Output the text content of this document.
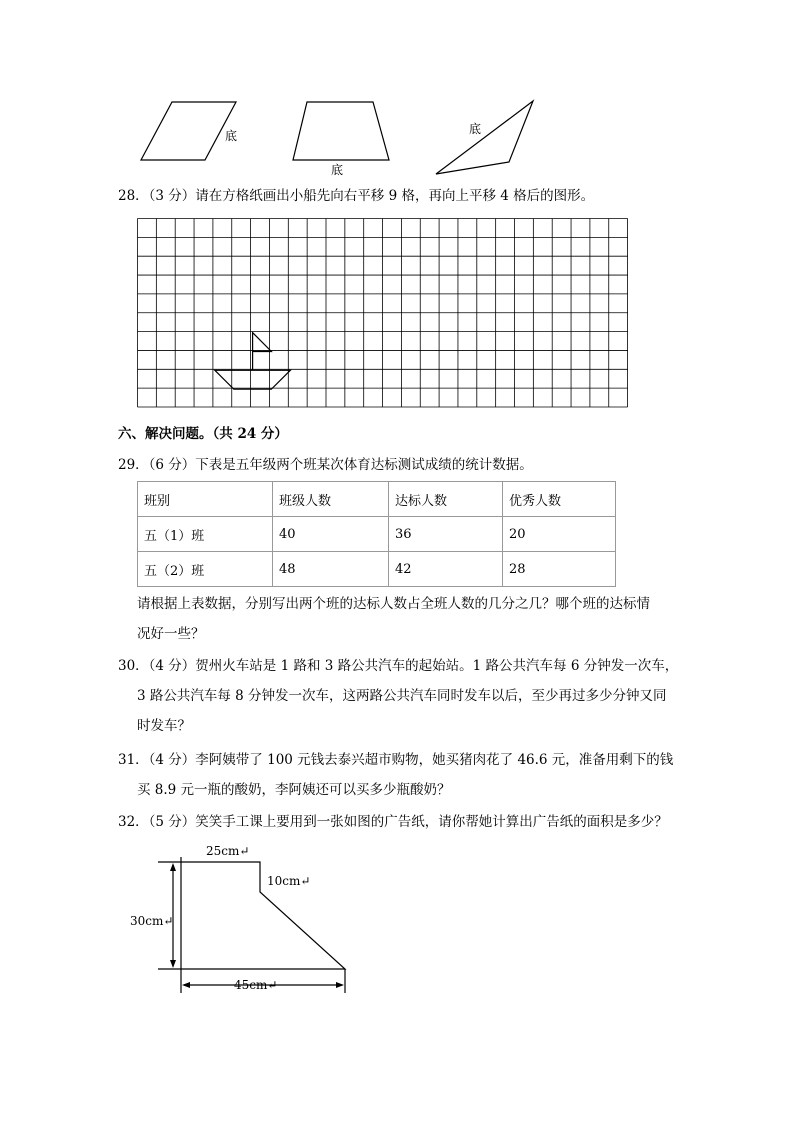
底
底
底
28．（3 分）请在方格纸画出小船先向右平移 9 格，再向上平移 4 格后的图形。
六、解决问题。（共 24 分）
29．（6 分）下表是五年级两个班某次体育达标测试成绩的统计数据。
班别	班级人数	达标人数	优秀人数
五（1）班	40	36	20
五（2）班	48	42	28
请根据上表数据，分别写出两个班的达标人数占全班人数的几分之几？哪个班的达标情
况好一些？
30．（4 分）贺州火车站是 1 路和 3 路公共汽车的起始站。1 路公共汽车每 6 分钟发一次车，
3 路公共汽车每 8 分钟发一次车，这两路公共汽车同时发车以后，至少再过多少分钟又同
时发车？
31．（4 分）李阿姨带了 100 元钱去泰兴超市购物，她买猪肉花了 46.6 元，准备用剩下的钱
买 8.9 元一瓶的酸奶，李阿姨还可以买多少瓶酸奶？
32．（5 分）笑笑手工课上要用到一张如图的广告纸，请你帮她计算出广告纸的面积是多少？
25cm↵
10cm↵
30cm↵
45cm↵
